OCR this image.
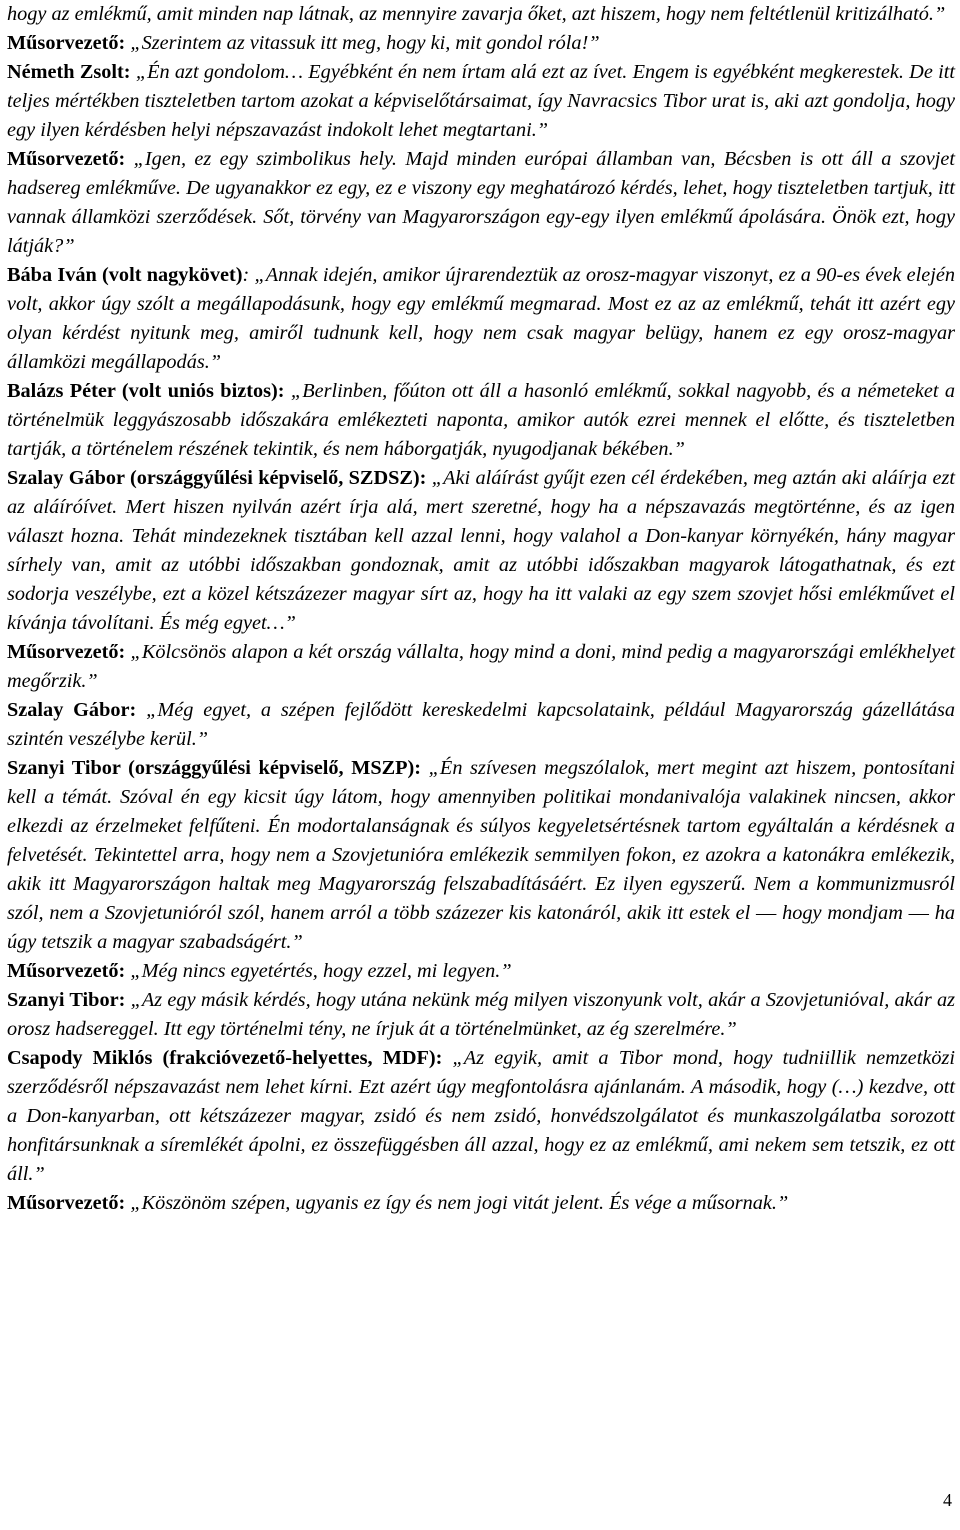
hogy az emlékmű, amit minden nap látnak, az mennyire zavarja őket, azt hiszem, hogy nem feltétlenül kritizálható.”

Műsorvezető: „Szerintem az vitassuk itt meg, hogy ki, mit gondol róla!”

Németh Zsolt: „Én azt gondolom… Egyébként én nem írtam alá ezt az ívet. Engem is egyébként megkerestek. De itt teljes mértékben tiszteletben tartom azokat a képviselőtársaimat, így Navracsics Tibor urat is, aki azt gondolja, hogy egy ilyen kérdésben helyi népszavazást indokolt lehet megtartani.”

Műsorvezető: „Igen, ez egy szimbolikus hely. Majd minden európai államban van, Bécsben is ott áll a szovjet hadsereg emlékműve. De ugyanakkor ez egy, ez e viszony egy meghatározó kérdés, lehet, hogy tiszteletben tartjuk, itt vannak államközi szerződések. Sőt, törvény van Magyarországon egy-egy ilyen emlékmű ápolására. Önök ezt, hogy látják?”

Bába Iván (volt nagykövet): „Annak idején, amikor újrarendeztük az orosz-magyar viszonyt, ez a 90-es évek elején volt, akkor úgy szólt a megállapodásunk, hogy egy emlékmű megmarad. Most ez az az emlékmű, tehát itt azért egy olyan kérdést nyitunk meg, amiről tudnunk kell, hogy nem csak magyar belügy, hanem ez egy orosz-magyar államközi megállapodás.”

Balázs Péter (volt uniós biztos): „Berlinben, főúton ott áll a hasonló emlékmű, sokkal nagyobb, és a németeket a történelmük leggyászosabb időszakára emlékezteti naponta, amikor autók ezrei mennek el előtte, és tiszteletben tartják, a történelem részének tekintik, és nem háborgatják, nyugodjanak békében.”

Szalay Gábor (országgyűlési képviselő, SZDSZ): „Aki aláírást gyűjt ezen cél érdekében, meg aztán aki aláírja ezt az aláíróívet. Mert hiszen nyilván azért írja alá, mert szeretné, hogy ha a népszavazás megtörténne, és az igen választ hozna. Tehát mindezeknek tisztában kell azzal lenni, hogy valahol a Don-kanyar környékén, hány magyar sírhely van, amit az utóbbi időszakban gondoznak, amit az utóbbi időszakban magyarok látogathatnak, és ezt sodorja veszélybe, ezt a közel kétszázezer magyar sírt az, hogy ha itt valaki az egy szem szovjet hősi emlékművet el kívánja távolítani. És még egyet…”

Műsorvezető: „Kölcsönös alapon a két ország vállalta, hogy mind a doni, mind pedig a magyarországi emlékhelyet megőrzik.”

Szalay Gábor: „Még egyet, a szépen fejlődött kereskedelmi kapcsolataink, például Magyarország gázellátása szintén veszélybe kerül.”

Szanyi Tibor (országgyűlési képviselő, MSZP): „Én szívesen megszólalok, mert megint azt hiszem, pontosítani kell a témát. Szóval én egy kicsit úgy látom, hogy amennyiben politikai mondanivalója valakinek nincsen, akkor elkezdi az érzelmeket felfűteni. Én modortalanságnak és súlyos kegyeletsértésnek tartom egyáltalán a kérdésnek a felvetését. Tekintettel arra, hogy nem a Szovjetunióra emlékezik semmilyen fokon, ez azokra a katonákra emlékezik, akik itt Magyarországon haltak meg Magyarország felszabadításáért. Ez ilyen egyszerű. Nem a kommunizmusról szól, nem a Szovjetunióról szól, hanem arról a több százezer kis katonáról, akik itt estek el — hogy mondjam — ha úgy tetszik a magyar szabadságért.”

Műsorvezető: „Még nincs egyetértés, hogy ezzel, mi legyen.”

Szanyi Tibor: „Az egy másik kérdés, hogy utána nekünk még milyen viszonyunk volt, akár a Szovjetunióval, akár az orosz hadsereggel. Itt egy történelmi tény, ne írjuk át a történelmünket, az ég szerelmére.”

Csapody Miklós (frakcióvezető-helyettes, MDF): „Az egyik, amit a Tibor mond, hogy tudniillik nemzetközi szerződésről népszavazást nem lehet kírni. Ezt azért úgy megfontolásra ajánlanám. A második, hogy (…) kezdve, ott a Don-kanyarban, ott kétszázezer magyar, zsidó és nem zsidó, honvédszolgálatot és munkaszolgálatba sorozott honfitársunknak a síremlékét ápolni, ez összefüggésben áll azzal, hogy ez az emlékmű, ami nekem sem tetszik, ez ott áll.”

Műsorvezető: „Köszönöm szépen, ugyanis ez így és nem jogi vitát jelent. És vége a műsornak.”

4
